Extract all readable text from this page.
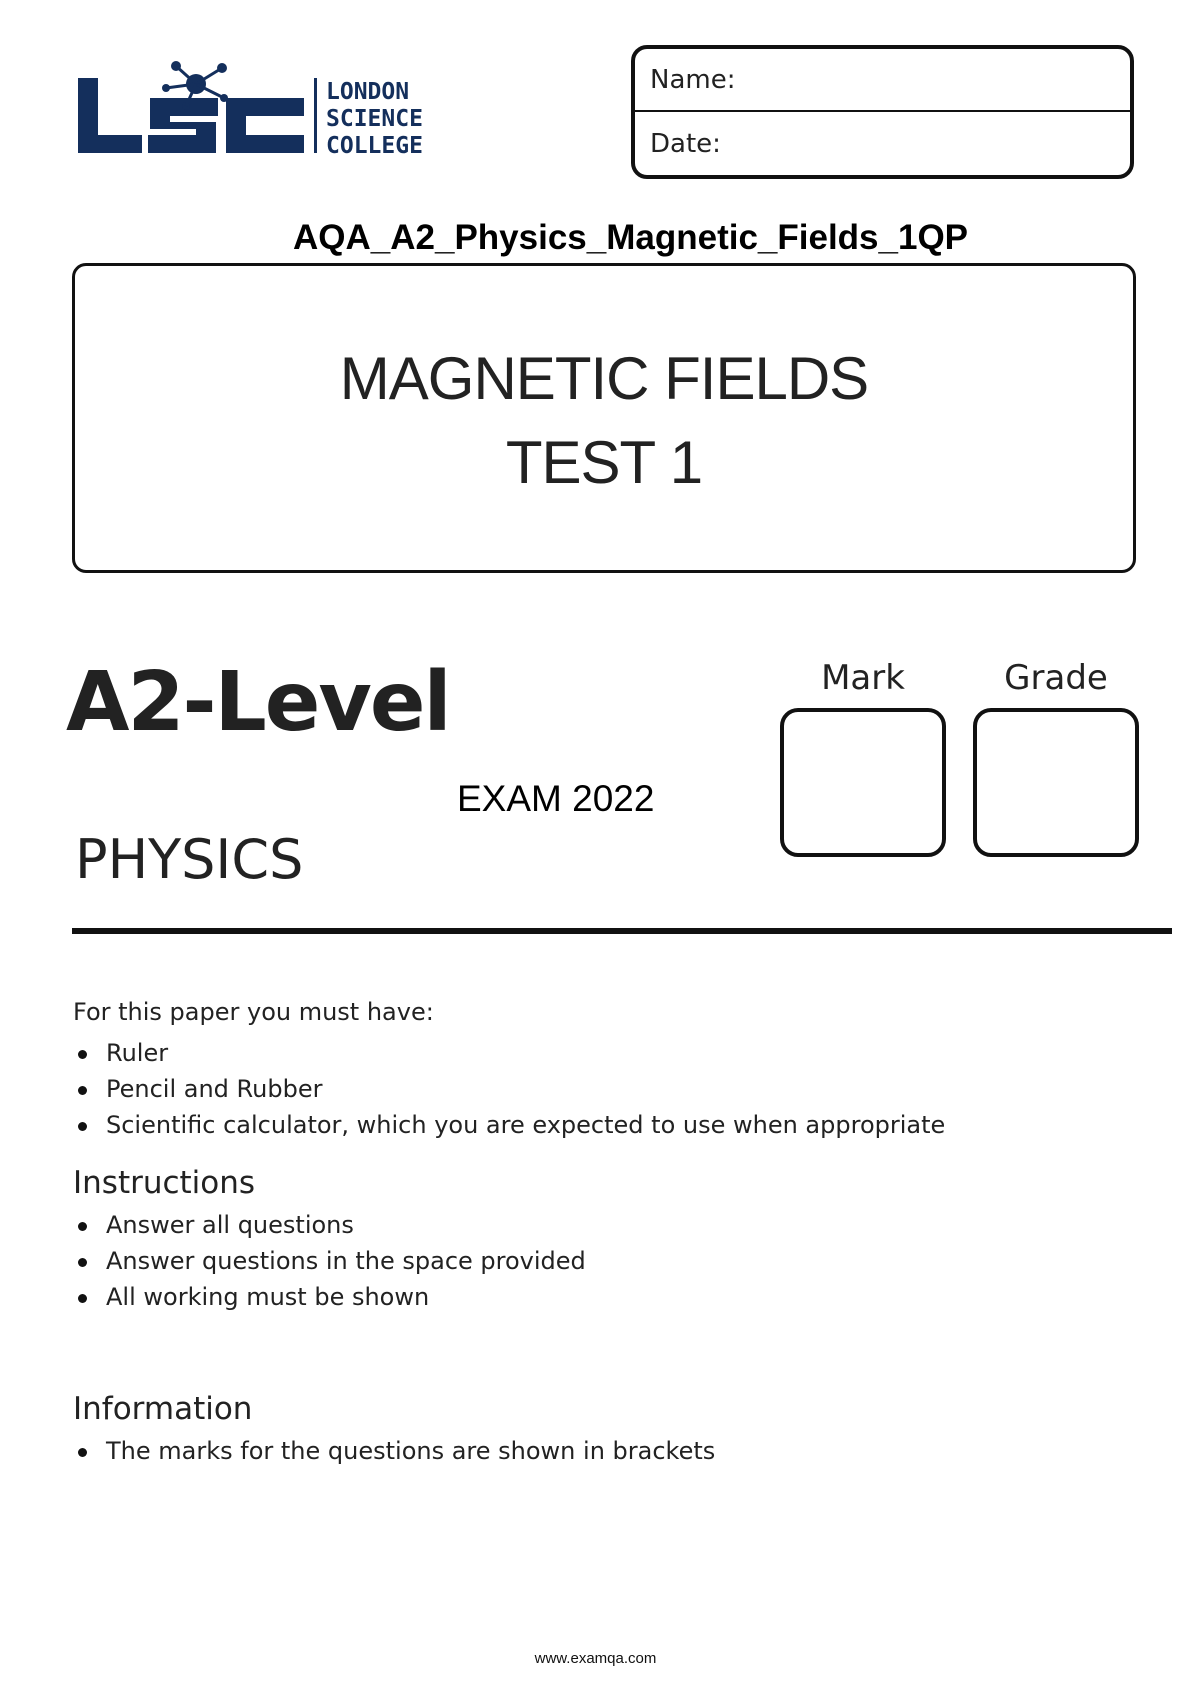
LONDON
SCIENCE
COLLEGE
Name:
Date:
AQA_A2_Physics_Magnetic_Fields_1QP
MAGNETIC FIELDS
TEST 1
A2-Level
EXAM 2022
PHYSICS
Mark	Grade
For this paper you must have:
Ruler
Pencil and Rubber
Scientific calculator, which you are expected to use when appropriate
Instructions
Answer all questions
Answer questions in the space provided
All working must be shown
Information
The marks for the questions are shown in brackets
www.examqa.com
